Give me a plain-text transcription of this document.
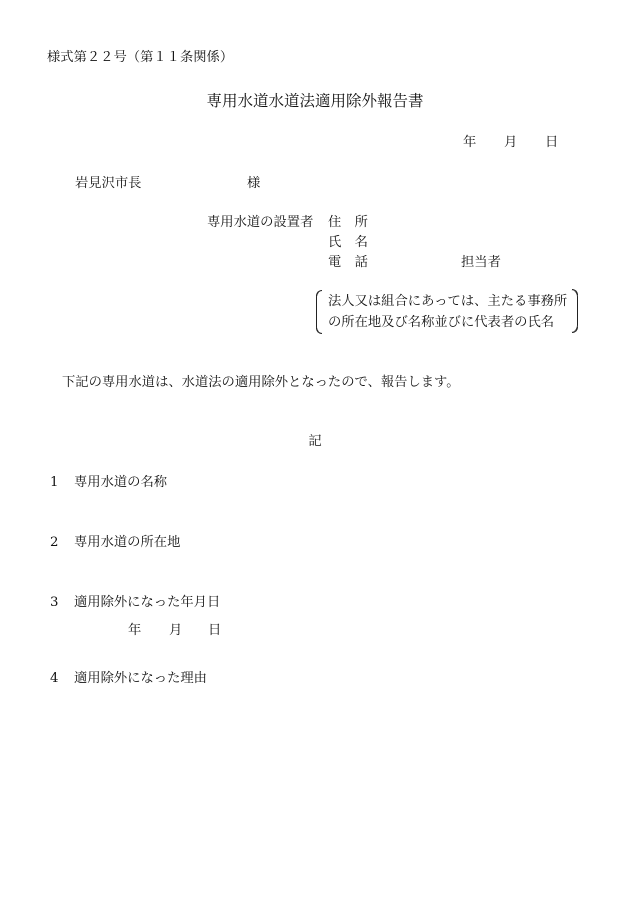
様式第２２号（第１１条関係）
専用水道水道法適用除外報告書
年 月 日
岩見沢市長	様
専用水道の設置者 住　所
氏　名
電　話	担当者
法人又は組合にあっては、主たる事務所
の所在地及び名称並びに代表者の氏名
下記の専用水道は、水道法の適用除外となったので、報告します。
記
1 専用水道の名称
2 専用水道の所在地
3 適用除外になった年月日
年 月 日
4 適用除外になった理由
